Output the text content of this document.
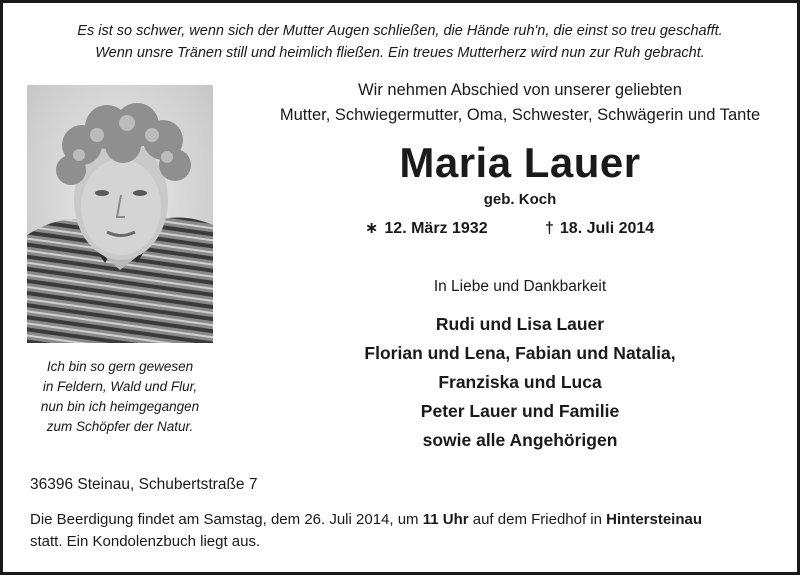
Es ist so schwer, wenn sich der Mutter Augen schließen, die Hände ruh'n, die einst so treu geschafft.
Wenn unsre Tränen still und heimlich fließen. Ein treues Mutterherz wird nun zur Ruh gebracht.
Wir nehmen Abschied von unserer geliebten
Mutter, Schwiegermutter, Oma, Schwester, Schwägerin und Tante
Ich bin so gern gewesen
in Feldern, Wald und Flur,
nun bin ich heimgegangen
zum Schöpfer der Natur.
Maria Lauer
geb. Koch
∗ 12. März 1932	† 18. Juli 2014
In Liebe und Dankbarkeit
Rudi und Lisa Lauer
Florian und Lena, Fabian und Natalia,
Franziska und Luca
Peter Lauer und Familie
sowie alle Angehörigen
36396 Steinau, Schubertstraße 7
Die Beerdigung findet am Samstag, dem 26. Juli 2014, um 11 Uhr auf dem Friedhof in Hintersteinau
statt. Ein Kondolenzbuch liegt aus.
